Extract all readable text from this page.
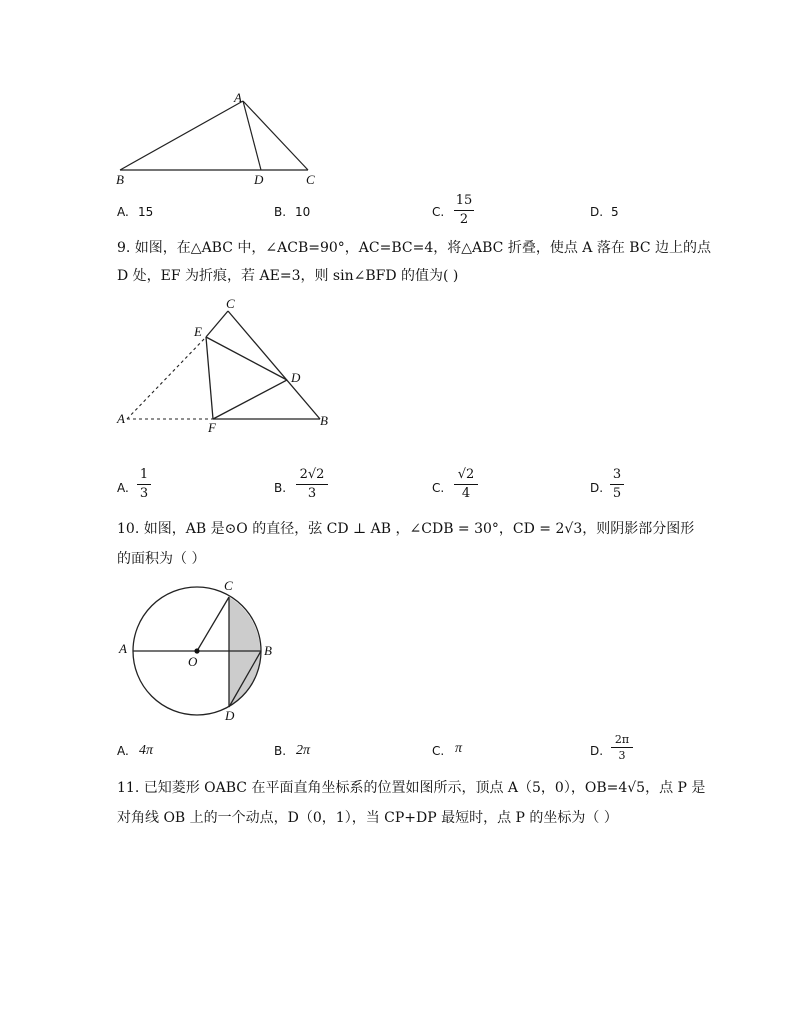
A
B	D	C
A. 15	B. 10	C.
15
2	D. 5
9. 如图，在△ABC 中，∠ACB=90°，AC=BC=4，将△ABC 折叠，使点 A 落在 BC 边上的点
D 处，EF 为折痕，若 AE=3，则 sin∠BFD 的值为( )
C
E
D
A
F	B
A.
1
3	B.
2√2
3	C.
√2
4	D.
3
5
10. 如图，AB 是⊙O 的直径，弦 CD ⊥ AB ，∠CDB = 30°，CD = 2√3，则阴影部分图形
的面积为（ ）
C
A	B
O
D
A. 4π	B. 2π	C. π	D.
2π
3
11. 已知菱形 OABC 在平面直角坐标系的位置如图所示，顶点 A（5，0），OB=4√5，点 P 是
对角线 OB 上的一个动点，D（0，1），当 CP+DP 最短时，点 P 的坐标为（ ）
